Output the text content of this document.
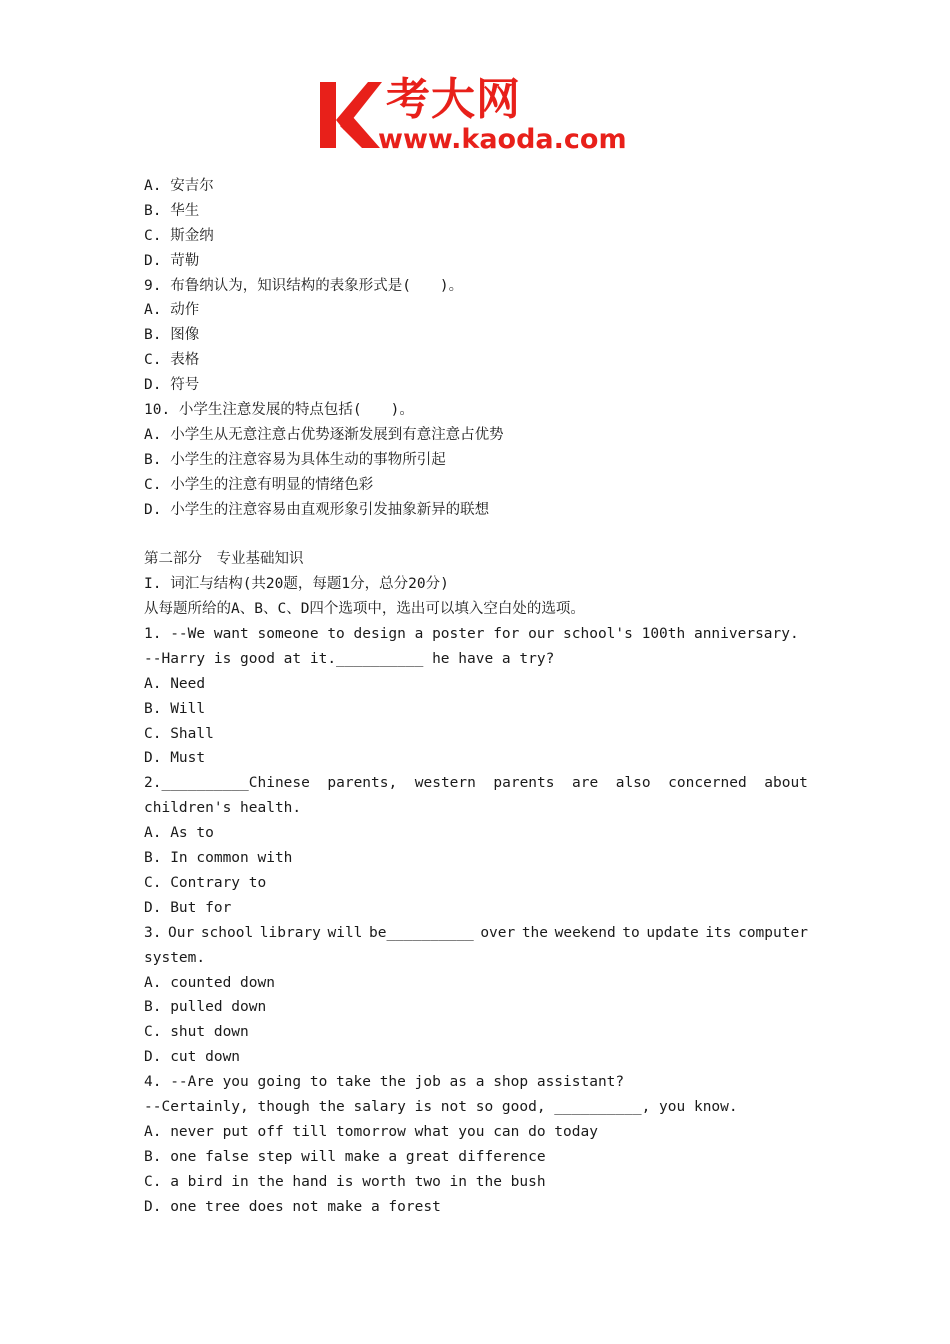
考大网
www.kaoda.com
A. 安吉尔
B. 华生
C. 斯金纳
D. 苛勒
9. 布鲁纳认为，知识结构的表象形式是(　　)。
A. 动作
B. 图像
C. 表格
D. 符号
10. 小学生注意发展的特点包括(　　)。
A. 小学生从无意注意占优势逐渐发展到有意注意占优势
B. 小学生的注意容易为具体生动的事物所引起
C. 小学生的注意有明显的情绪色彩
D. 小学生的注意容易由直观形象引发抽象新异的联想
第二部分　专业基础知识
I. 词汇与结构(共20题，每题1分，总分20分)
从每题所给的A、B、C、D四个选项中，选出可以填入空白处的选项。
1. --We want someone to design a poster for our school's 100th anniversary.
--Harry is good at it.__________ he have a try?
A. Need
B. Will
C. Shall
D. Must
2.__________Chinese parents, western parents are also concerned about
children's health.
A. As to
B. In common with
C. Contrary to
D. But for
3. Our school library will be__________ over the weekend to update its computer
system.
A. counted down
B. pulled down
C. shut down
D. cut down
4. --Are you going to take the job as a shop assistant?
--Certainly, though the salary is not so good, __________, you know.
A. never put off till tomorrow what you can do today
B. one false step will make a great difference
C. a bird in the hand is worth two in the bush
D. one tree does not make a forest
